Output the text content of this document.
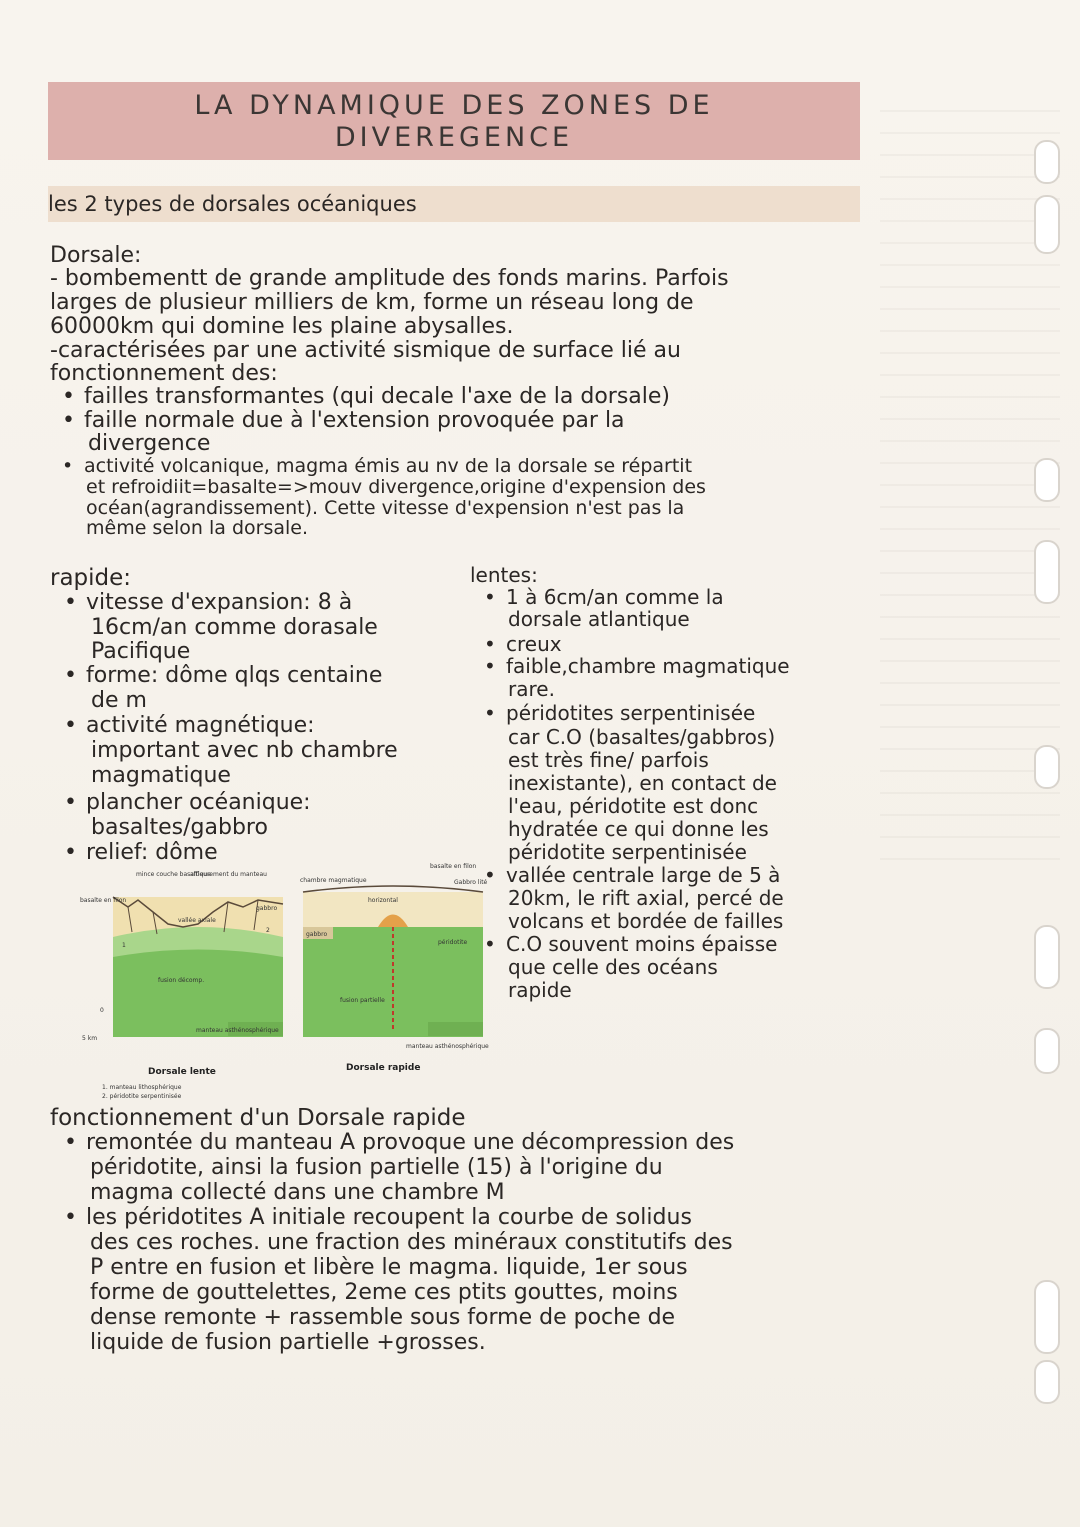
LA DYNAMIQUE DES ZONES DE
DIVEREGENCE
les 2 types de dorsales océaniques
Dorsale:
- bombementt de grande amplitude des fonds marins. Parfois
larges de plusieur milliers de km, forme un réseau long de
60000km qui domine les plaine abysalles.
-caractérisées par une activité sismique de surface lié au
fonctionnement des:
• failles transformantes (qui decale l'axe de la dorsale)
• faille normale due à l'extension provoquée par la
divergence
• activité volcanique, magma émis au nv de la dorsale se répartit
et refroidiit=basalte=>mouv divergence,origine d'expension des
océan(agrandissement). Cette vitesse d'expension n'est pas la
même selon la dorsale.
rapide:
• vitesse d'expansion: 8 à
16cm/an comme dorasale
Pacifique
• forme: dôme qlqs centaine
de m
• activité magnétique:
important avec nb chambre
magmatique
• plancher océanique:
basaltes/gabbro
• relief: dôme
lentes:
• 1 à 6cm/an comme la
dorsale atlantique
• creux
• faible,chambre magmatique
rare.
• péridotites serpentinisée
car C.O (basaltes/gabbros)
est très fine/ parfois
inexistante), en contact de
l'eau, péridotite est donc
hydratée ce qui donne les
péridotite serpentinisée
• vallée centrale large de 5 à
20km, le rift axial, percé de
volcans et bordée de failles
• C.O souvent moins épaisse
que celle des océans
rapide
mince couche basaltique
affleurement du manteau
basalte en filon
vallée axiale
gabbro
fusion décomp.
manteau asthénosphérique
0
5 km
1
2
chambre magmatique
basalte en filon
Gabbro lité
horizontal
gabbro
fusion partielle
péridotite
manteau asthénosphérique
Dorsale lente	Dorsale rapide
1. manteau lithosphérique
2. péridotite serpentinisée
fonctionnement d'un Dorsale rapide
• remontée du manteau A provoque une décompression des
péridotite, ainsi la fusion partielle (15) à l'origine du
magma collecté dans une chambre M
• les péridotites A initiale recoupent la courbe de solidus
des ces roches. une fraction des minéraux constitutifs des
P entre en fusion et libère le magma. liquide, 1er sous
forme de gouttelettes, 2eme ces ptits gouttes, moins
dense remonte + rassemble sous forme de poche de
liquide de fusion partielle +grosses.
